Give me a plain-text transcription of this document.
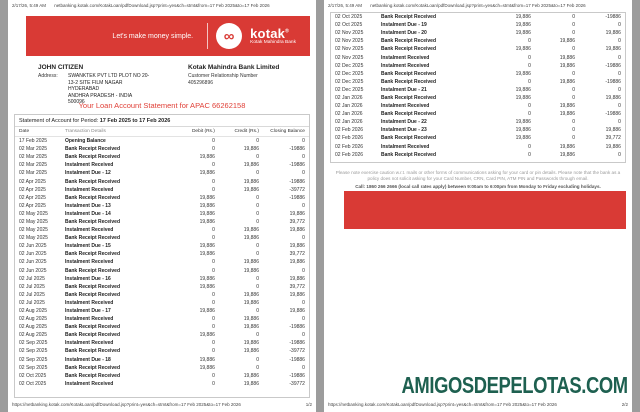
2/17/26, 5:49 AM	netbanking.kotak.com/KotakLoan/pdfDownload.jsp?print=yes&ch=stmt&from=17 Feb 2025&to=17 Feb 2026
Let's make money simple.	∞	kotak®
Kotak Mahindra Bank
JOHN CITIZEN
Address:	SWANKTEK PVT LTD PLOT NO 20-
13-2 SITE FILM NAGAR
HYDERABAD
ANDHRA PRADESH - INDIA
500096
Kotak Mahindra Bank Limited
Customer Relationship Number
405296896
Your Loan Account Statement for APAC 66262158
Statement of Account for Period: 17 Feb 2025 to 17 Feb 2026
Date	Transaction Details	Debit (Rs.)	Credit (Rs.)	Closing Balance
17 Feb 2025	Opening Balance	0	0	0
02 Mar 2025	Bank Receipt Received	0	19,886	-19886
02 Mar 2025	Bank Receipt Received	19,886	0	0
02 Mar 2025	Instalment Received	0	19,886	-19886
02 Mar 2025	Instalment Due - 12	19,886	0	0
02 Apr 2025	Bank Receipt Received	0	19,886	-19886
02 Apr 2025	Instalment Received	0	19,886	-39772
02 Apr 2025	Bank Receipt Received	19,886	0	-19886
02 Apr 2025	Instalment Due - 13	19,886	0	0
02 May 2025	Instalment Due - 14	19,886	0	19,886
02 May 2025	Bank Receipt Received	19,886	0	39,772
02 May 2025	Instalment Received	0	19,886	19,886
02 May 2025	Bank Receipt Received	0	19,886	0
02 Jun 2025	Instalment Due - 15	19,886	0	19,886
02 Jun 2025	Bank Receipt Received	19,886	0	39,772
02 Jun 2025	Instalment Received	0	19,886	19,886
02 Jun 2025	Bank Receipt Received	0	19,886	0
02 Jul 2025	Instalment Due - 16	19,886	0	19,886
02 Jul 2025	Bank Receipt Received	19,886	0	39,772
02 Jul 2025	Bank Receipt Received	0	19,886	19,886
02 Jul 2025	Instalment Received	0	19,886	0
02 Aug 2025	Instalment Due - 17	19,886	0	19,886
02 Aug 2025	Instalment Received	0	19,886	0
02 Aug 2025	Bank Receipt Received	0	19,886	-19886
02 Aug 2025	Bank Receipt Received	19,886	0	0
02 Sep 2025	Instalment Received	0	19,886	-19886
02 Sep 2025	Bank Receipt Received	0	19,886	-39772
02 Sep 2025	Instalment Due - 18	19,886	0	-19886
02 Sep 2025	Bank Receipt Received	19,886	0	0
02 Oct 2025	Bank Receipt Received	0	19,886	-19886
02 Oct 2025	Instalment Received	0	19,886	-39772
https://netbanking.kotak.com/KotakLoan/pdfDownload.jsp?print=yes&ch=stmt&from=17 Feb 2025&to=17 Feb 2026	1/2
2/17/26, 5:49 AM	netbanking.kotak.com/KotakLoan/pdfDownload.jsp?print=yes&ch=stmt&from=17 Feb 2025&to=17 Feb 2026
02 Oct 2025	Bank Receipt Received	19,886	0	-19886
02 Oct 2025	Instalment Due - 19	19,886	0	0
02 Nov 2025	Instalment Due - 20	19,886	0	19,886
02 Nov 2025	Bank Receipt Received	0	19,886	0
02 Nov 2025	Bank Receipt Received	19,886	0	19,886
02 Nov 2025	Instalment Received	0	19,886	0
02 Dec 2025	Instalment Received	0	19,886	-19886
02 Dec 2025	Bank Receipt Received	19,886	0	0
02 Dec 2025	Bank Receipt Received	0	19,886	-19886
02 Dec 2025	Instalment Due - 21	19,886	0	0
02 Jan 2026	Bank Receipt Received	19,886	0	19,886
02 Jan 2026	Instalment Received	0	19,886	0
02 Jan 2026	Bank Receipt Received	0	19,886	-19886
02 Jan 2026	Instalment Due - 22	19,886	0	0
02 Feb 2026	Instalment Due - 23	19,886	0	19,886
02 Feb 2026	Bank Receipt Received	19,886	0	39,772
02 Feb 2026	Instalment Received	0	19,886	19,886
02 Feb 2026	Bank Receipt Received	0	19,886	0
Please note exercise caution w.r.t. mails or other forms of communications asking for your card or pin details. Please note that the bank as a policy does not solicit asking for your Card Number, CRN, Card PIN, ATM PIN and Passwords through email.
Call: 1860 266 2666 (local call rates apply) between 9:00am to 6:00pm from Monday to Friday excluding holidays.
AMIGOSDEPELOTAS.COM
https://netbanking.kotak.com/KotakLoan/pdfDownload.jsp?print=yes&ch=stmt&from=17 Feb 2025&to=17 Feb 2026	2/2
